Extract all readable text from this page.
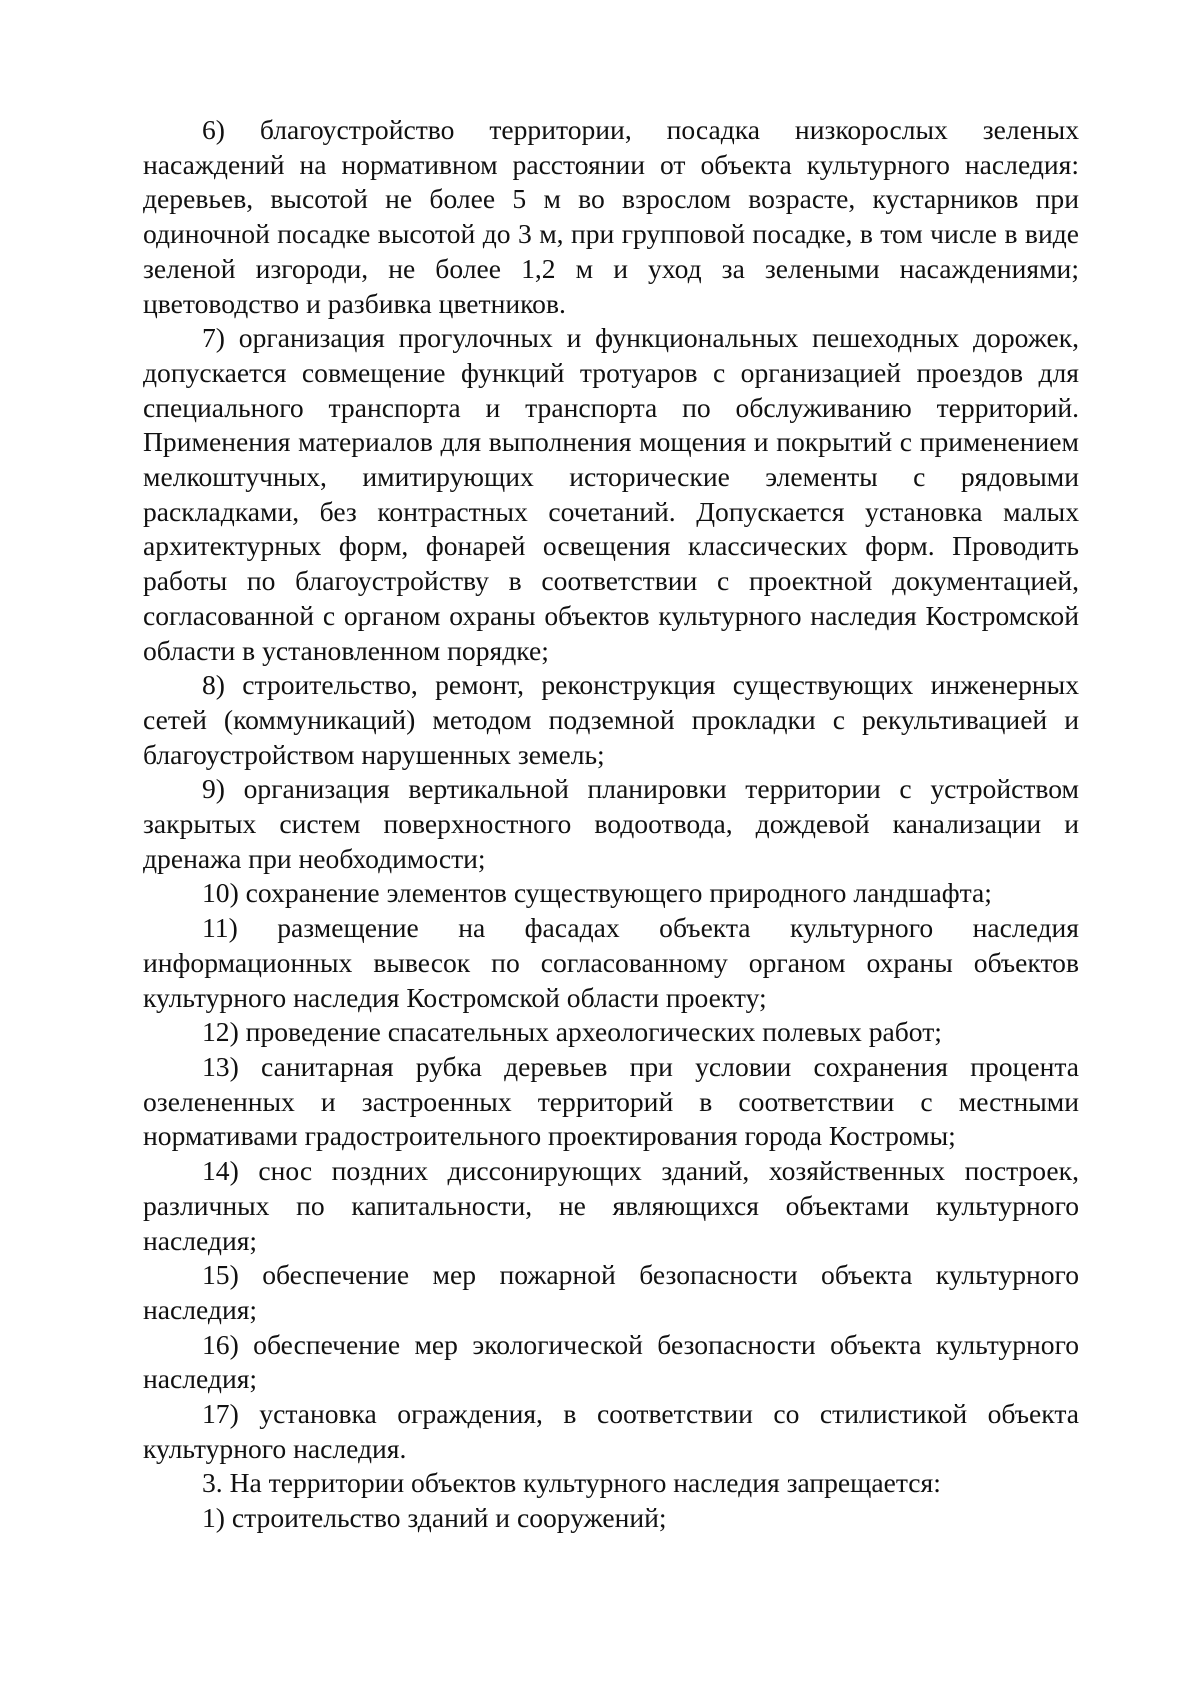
6) благоустройство территории, посадка низкорослых зеленых насаждений на нормативном расстоянии от объекта культурного наследия: деревьев, высотой не более 5 м во взрослом возрасте, кустарников при одиночной посадке высотой до 3 м, при групповой посадке, в том числе в виде зеленой изгороди, не более 1,2 м и уход за зелеными насаждениями; цветоводство и разбивка цветников.

7) организация прогулочных и функциональных пешеходных дорожек, допускается совмещение функций тротуаров с организацией проездов для специального транспорта и транспорта по обслуживанию территорий. Применения материалов для выполнения мощения и покрытий с применением мелкоштучных, имитирующих исторические элементы с рядовыми раскладками, без контрастных сочетаний. Допускается установка малых архитектурных форм, фонарей освещения классических форм. Проводить работы по благоустройству в соответствии с проектной документацией, согласованной с органом охраны объектов культурного наследия Костромской области в установленном порядке;

8) строительство, ремонт, реконструкция существующих инженерных сетей (коммуникаций) методом подземной прокладки с рекультивацией и благоустройством нарушенных земель;

9) организация вертикальной планировки территории с устройством закрытых систем поверхностного водоотвода, дождевой канализации и дренажа при необходимости;

10) сохранение элементов существующего природного ландшафта;

11) размещение на фасадах объекта культурного наследия информационных вывесок по согласованному органом охраны объектов культурного наследия Костромской области проекту;

12) проведение спасательных археологических полевых работ;

13) санитарная рубка деревьев при условии сохранения процента озелененных и застроенных территорий в соответствии с местными нормативами градостроительного проектирования города Костромы;

14) снос поздних диссонирующих зданий, хозяйственных построек, различных по капитальности, не являющихся объектами культурного наследия;

15) обеспечение мер пожарной безопасности объекта культурного наследия;

16) обеспечение мер экологической безопасности объекта культурного наследия;

17) установка ограждения, в соответствии со стилистикой объекта культурного наследия.

3. На территории объектов культурного наследия запрещается:

1) строительство зданий и сооружений;
